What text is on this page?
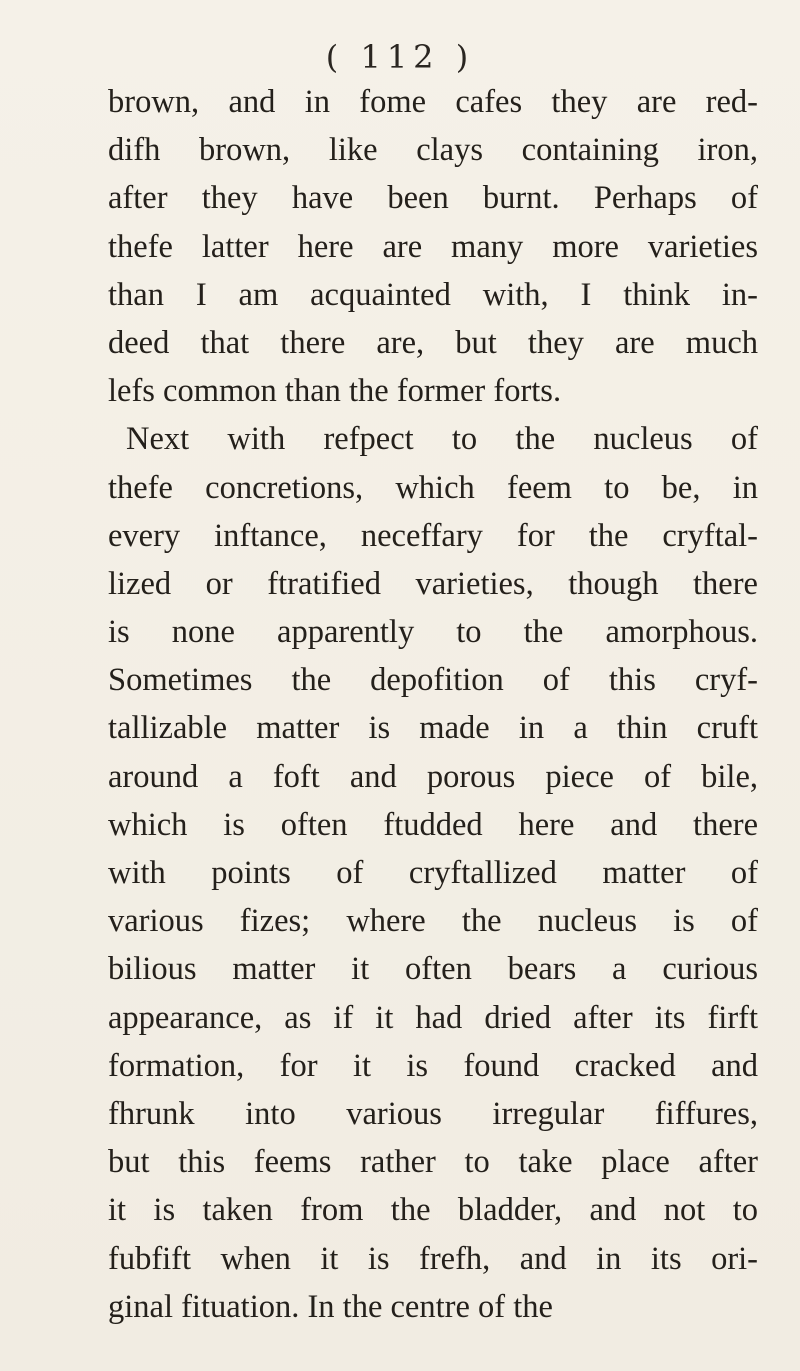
( 112 )
brown, and in fome cafes they are red-
difh brown, like clays containing iron,
after they have been burnt. Perhaps of
thefe latter here are many more varieties
than I am acquainted with, I think in-
deed that there are, but they are much
lefs common than the former forts.
Next with refpect to the nucleus of
thefe concretions, which feem to be, in
every inftance, neceffary for the cryftal-
lized or ftratified varieties, though there
is none apparently to the amorphous.
Sometimes the depofition of this cryf-
tallizable matter is made in a thin cruft
around a foft and porous piece of bile,
which is often ftudded here and there
with points of cryftallized matter of
various fizes; where the nucleus is of
bilious matter it often bears a curious
appearance, as if it had dried after its firft
formation, for it is found cracked and
fhrunk into various irregular fiffures,
but this feems rather to take place after
it is taken from the bladder, and not to
fubfift when it is frefh, and in its ori-
ginal fituation. In the centre of the
